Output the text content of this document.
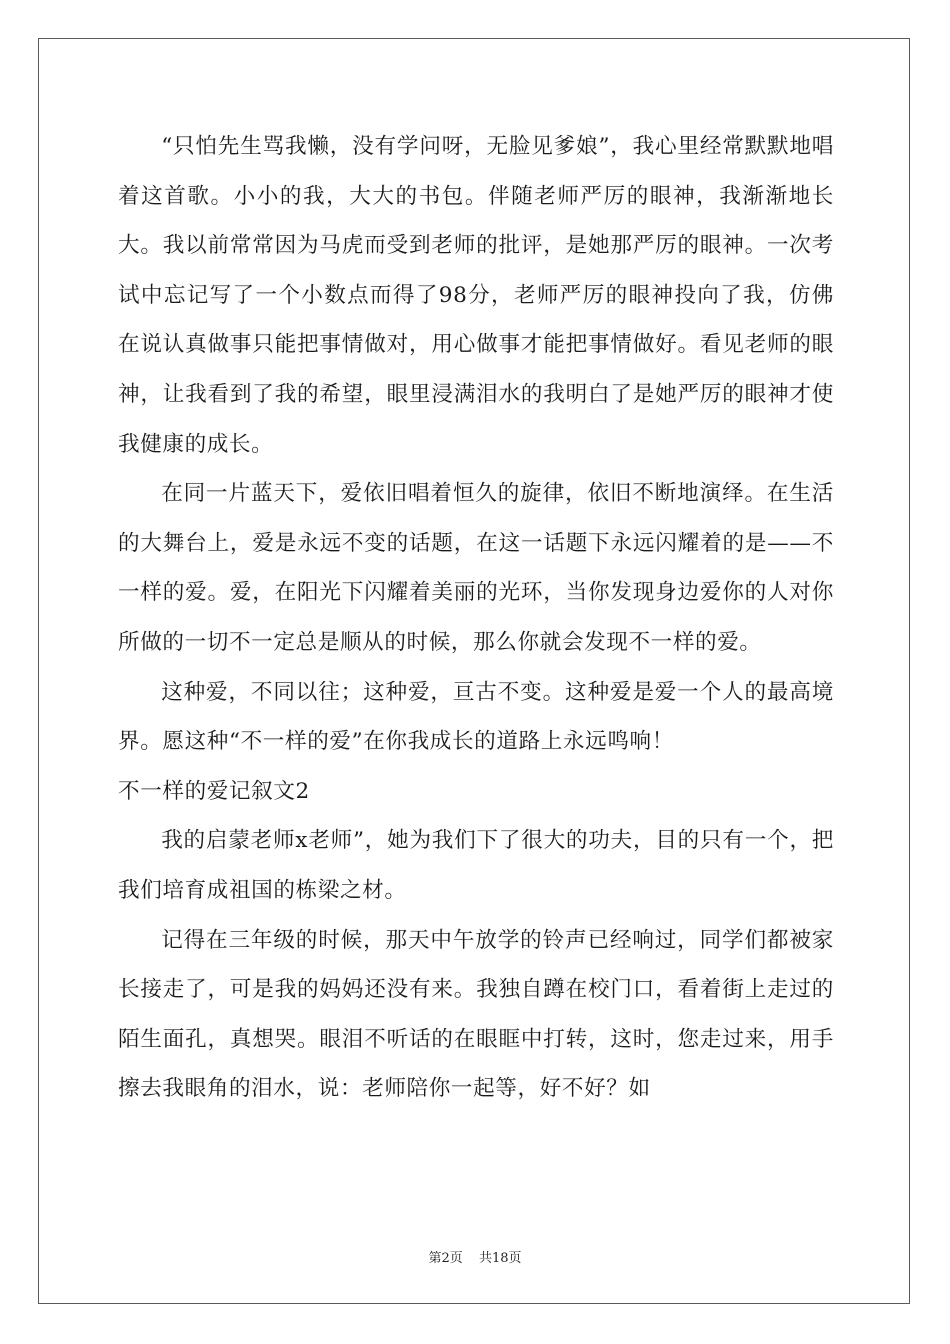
“只怕先生骂我懒，没有学问呀，无脸见爹娘”，我心里经常默默地唱着这首歌。小小的我，大大的书包。伴随老师严厉的眼神，我渐渐地长大。我以前常常因为马虎而受到老师的批评，是她那严厉的眼神。一次考试中忘记写了一个小数点而得了98分，老师严厉的眼神投向了我，仿佛在说认真做事只能把事情做对，用心做事才能把事情做好。看见老师的眼神，让我看到了我的希望，眼里浸满泪水的我明白了是她严厉的眼神才使我健康的成长。

在同一片蓝天下，爱依旧唱着恒久的旋律，依旧不断地演绎。在生活的大舞台上，爱是永远不变的话题，在这一话题下永远闪耀着的是——不一样的爱。爱，在阳光下闪耀着美丽的光环，当你发现身边爱你的人对你所做的一切不一定总是顺从的时候，那么你就会发现不一样的爱。

这种爱，不同以往；这种爱，亘古不变。这种爱是爱一个人的最高境界。愿这种“不一样的爱”在你我成长的道路上永远鸣响！

不一样的爱记叙文2

我的启蒙老师x老师”，她为我们下了很大的功夫，目的只有一个，把我们培育成祖国的栋梁之材。

记得在三年级的时候，那天中午放学的铃声已经响过，同学们都被家长接走了，可是我的妈妈还没有来。我独自蹲在校门口，看着街上走过的陌生面孔，真想哭。眼泪不听话的在眼眶中打转，这时，您走过来，用手擦去我眼角的泪水，说：老师陪你一起等，好不好？如

第2页 共18页
